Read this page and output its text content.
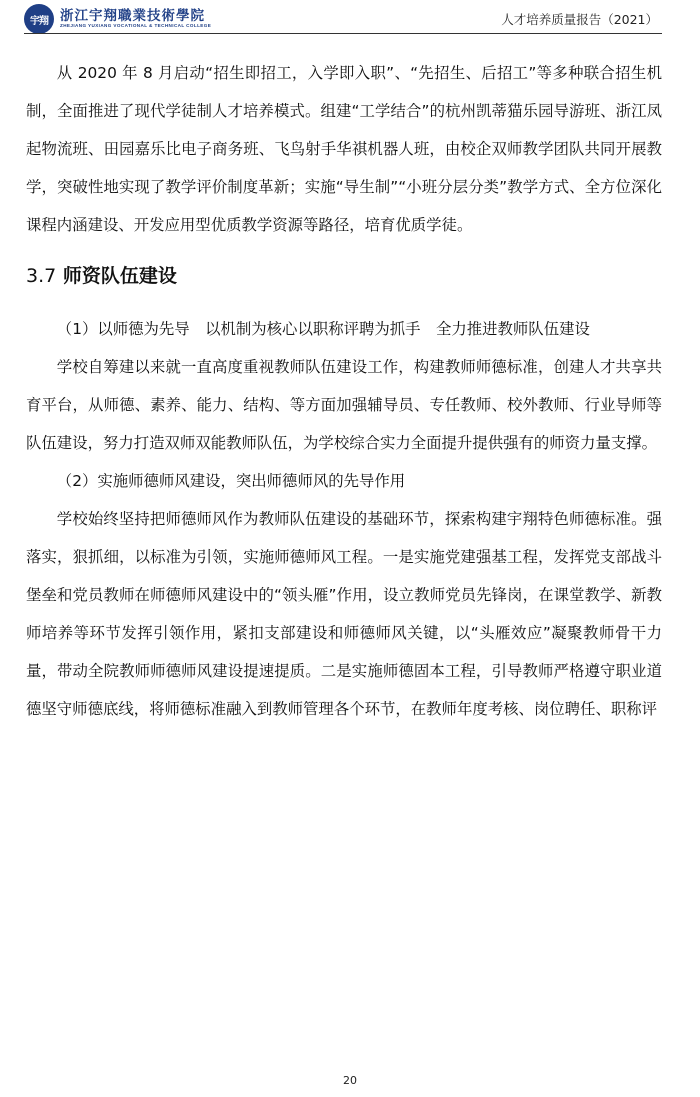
宇翔 浙江宇翔職業技術學院
ZHEJIANG YUXIANG VOCATIONAL & TECHNICAL COLLEGE	人才培养质量报告（2021）

从 2020 年 8 月启动“招生即招工，入学即入职”、“先招生、后招工”等多种联合招生机制，全面推进了现代学徒制人才培养模式。组建“工学结合”的杭州凯蒂猫乐园导游班、浙江凤起物流班、田园嘉乐比电子商务班、飞鸟射手华祺机器人班，由校企双师教学团队共同开展教学，突破性地实现了教学评价制度革新；实施“导生制”“小班分层分类”教学方式、全方位深化课程内涵建设、开发应用型优质教学资源等路径，培育优质学徒。

3.7 师资队伍建设

（1）以师德为先导　以机制为核心以职称评聘为抓手　全力推进教师队伍建设

学校自筹建以来就一直高度重视教师队伍建设工作，构建教师师德标准，创建人才共享共育平台，从师德、素养、能力、结构、等方面加强辅导员、专任教师、校外教师、行业导师等队伍建设，努力打造双师双能教师队伍，为学校综合实力全面提升提供强有的师资力量支撑。

（2）实施师德师风建设，突出师德师风的先导作用

学校始终坚持把师德师风作为教师队伍建设的基础环节，探索构建宇翔特色师德标准。强落实，狠抓细，以标准为引领，实施师德师风工程。一是实施党建强基工程，发挥党支部战斗堡垒和党员教师在师德师风建设中的“领头雁”作用，设立教师党员先锋岗，在课堂教学、新教师培养等环节发挥引领作用，紧扣支部建设和师德师风关键，以“头雁效应”凝聚教师骨干力量，带动全院教师师德师风建设提速提质。二是实施师德固本工程，引导教师严格遵守职业道德坚守师德底线，将师德标准融入到教师管理各个环节，在教师年度考核、岗位聘任、职称评

20
